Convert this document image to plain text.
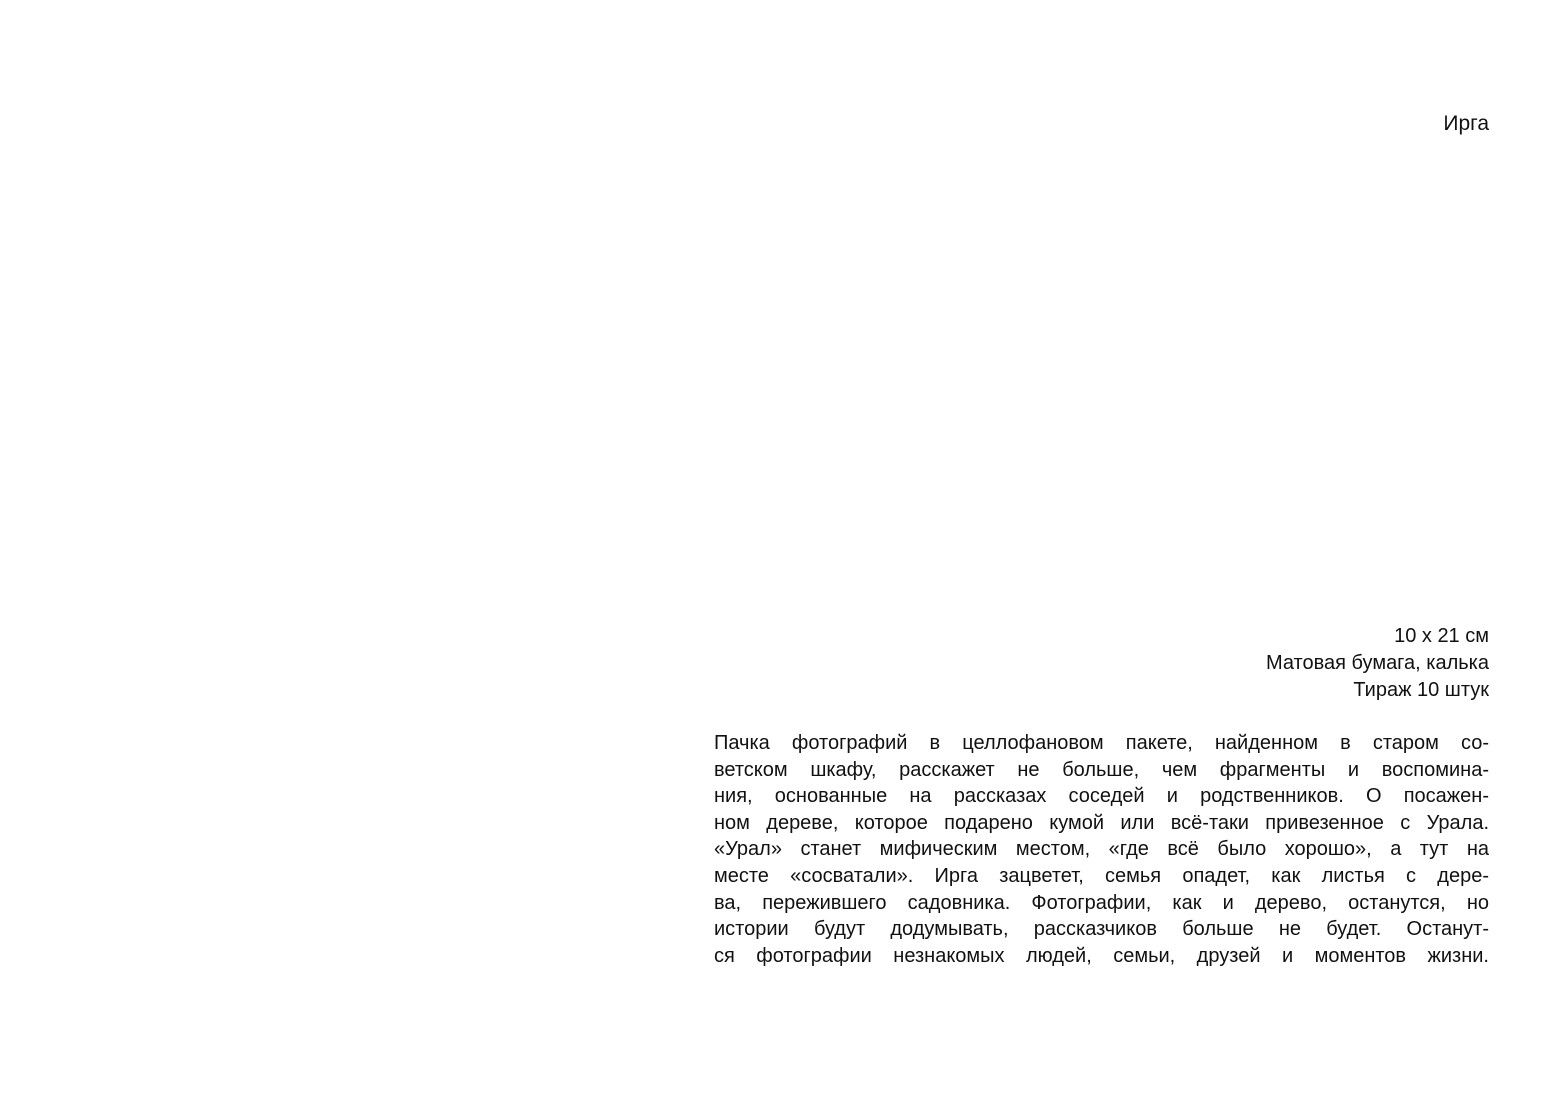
Ирга
10 x 21 см
Матовая бумага, калька
Тираж 10 штук
Пачка фотографий в целлофановом пакете, найденном в старом со-
ветском шкафу, расскажет не больше, чем фрагменты и воспомина-
ния, основанные на рассказах соседей и родственников. О посажен-
ном дереве, которое подарено кумой или всё-таки привезенное с Урала.
«Урал» станет мифическим местом, «где всё было хорошо», а тут на
месте «сосватали». Ирга зацветет, семья опадет, как листья с дере-
ва, пережившего садовника. Фотографии, как и дерево, останутся, но
истории будут додумывать, рассказчиков больше не будет. Останут-
ся фотографии незнакомых людей, семьи, друзей и моментов жизни.
